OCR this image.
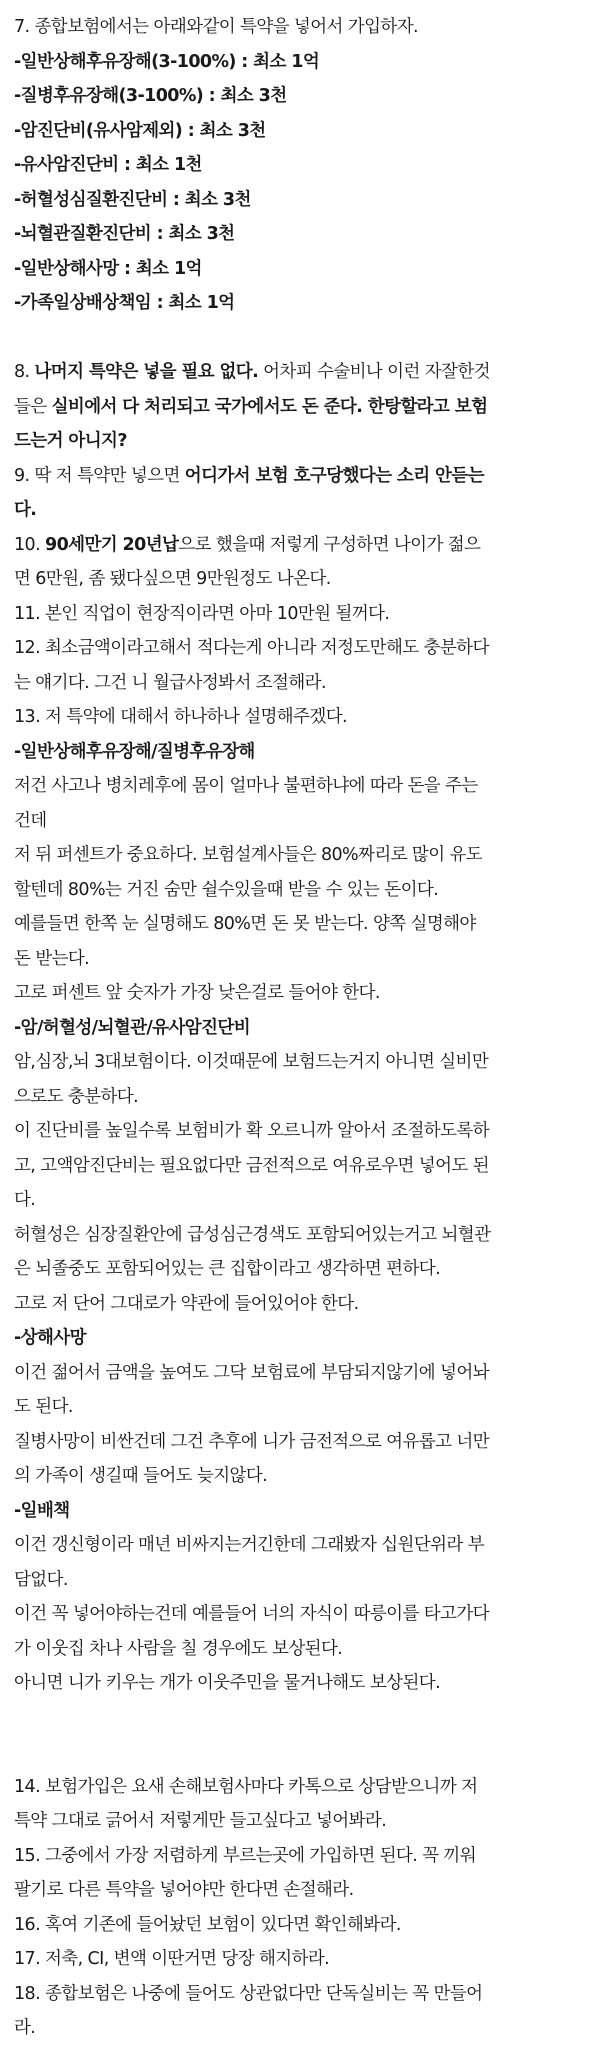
7. 종합보험에서는 아래와같이 특약을 넣어서 가입하자.
-일반상해후유장해(3-100%) : 최소 1억
-질병후유장해(3-100%) : 최소 3천
-암진단비(유사암제외) : 최소 3천
-유사암진단비 : 최소 1천
-허혈성심질환진단비 : 최소 3천
-뇌혈관질환진단비 : 최소 3천
-일반상해사망 : 최소 1억
-가족일상배상책임 : 최소 1억
8. 나머지 특약은 넣을 필요 없다. 어차피 수술비나 이런 자잘한것
들은 실비에서 다 처리되고 국가에서도 돈 준다. 한탕할라고 보험
드는거 아니지?
9. 딱 저 특약만 넣으면 어디가서 보험 호구당했다는 소리 안듣는
다.
10. 90세만기 20년납으로 했을때 저렇게 구성하면 나이가 젊으
면 6만원, 좀 됐다싶으면 9만원정도 나온다.
11. 본인 직업이 현장직이라면 아마 10만원 될꺼다.
12. 최소금액이라고해서 적다는게 아니라 저정도만해도 충분하다
는 얘기다. 그건 니 월급사정봐서 조절해라.
13. 저 특약에 대해서 하나하나 설명해주겠다.
-일반상해후유장해/질병후유장해
저건 사고나 병치레후에 몸이 얼마나 불편하냐에 따라 돈을 주는
건데
저 뒤 퍼센트가 중요하다. 보험설계사들은 80%짜리로 많이 유도
할텐데 80%는 거진 숨만 쉴수있을때 받을 수 있는 돈이다.
예를들면 한쪽 눈 실명해도 80%면 돈 못 받는다. 양쪽 실명해야
돈 받는다.
고로 퍼센트 앞 숫자가 가장 낮은걸로 들어야 한다.
-암/허혈성/뇌혈관/유사암진단비
암,심장,뇌 3대보험이다. 이것때문에 보험드는거지 아니면 실비만
으로도 충분하다.
이 진단비를 높일수록 보험비가 확 오르니까 알아서 조절하도록하
고, 고액암진단비는 필요없다만 금전적으로 여유로우면 넣어도 된
다.
허혈성은 심장질환안에 급성심근경색도 포함되어있는거고 뇌혈관
은 뇌졸중도 포함되어있는 큰 집합이라고 생각하면 편하다.
고로 저 단어 그대로가 약관에 들어있어야 한다.
-상해사망
이건 젊어서 금액을 높여도 그닥 보험료에 부담되지않기에 넣어놔
도 된다.
질병사망이 비싼건데 그건 추후에 니가 금전적으로 여유롭고 너만
의 가족이 생길때 들어도 늦지않다.
-일배책
이건 갱신형이라 매년 비싸지는거긴한데 그래봤자 십원단위라 부
담없다.
이건 꼭 넣어야하는건데 예를들어 너의 자식이 따릉이를 타고가다
가 이웃집 차나 사람을 칠 경우에도 보상된다.
아니면 니가 키우는 개가 이웃주민을 물거나해도 보상된다.
14. 보험가입은 요새 손해보험사마다 카톡으로 상담받으니까 저
특약 그대로 긁어서 저렇게만 들고싶다고 넣어봐라.
15. 그중에서 가장 저렴하게 부르는곳에 가입하면 된다. 꼭 끼워
팔기로 다른 특약을 넣어야만 한다면 손절해라.
16. 혹여 기존에 들어놨던 보험이 있다면 확인해봐라.
17. 저축, CI, 변액 이딴거면 당장 해지하라.
18. 종합보험은 나중에 들어도 상관없다만 단독실비는 꼭 만들어
라.
